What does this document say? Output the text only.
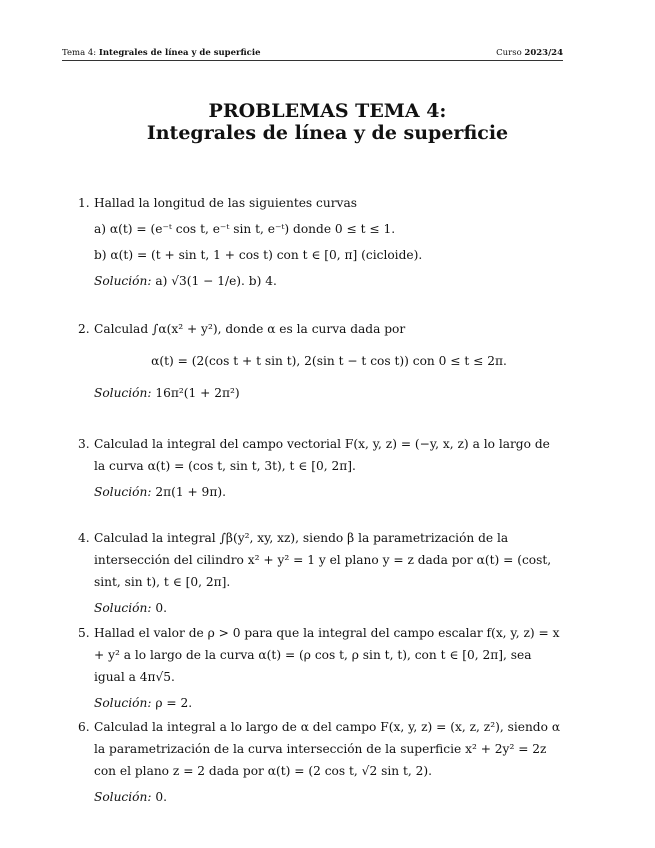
Tema 4: Integrales de línea y de superficie	Curso 2023/24
PROBLEMAS TEMA 4:
Integrales de línea y de superficie
1. Hallad la longitud de las siguientes curvas
a) α(t) = (e⁻ᵗ cos t, e⁻ᵗ sin t, e⁻ᵗ) donde 0 ≤ t ≤ 1.
b) α(t) = (t + sin t, 1 + cos t) con t ∈ [0, π] (cicloide).
Solución: a) √3(1 − 1/e). b) 4.
2. Calculad ∫α(x² + y²), donde α es la curva dada por
α(t) = (2(cos t + t sin t), 2(sin t − t cos t)) con 0 ≤ t ≤ 2π.
Solución: 16π²(1 + 2π²)
3. Calculad la integral del campo vectorial F(x, y, z) = (−y, x, z) a lo largo de la curva α(t) = (cos t, sin t, 3t), t ∈ [0, 2π].
Solución: 2π(1 + 9π).
4. Calculad la integral ∫β(y², xy, xz), siendo β la parametrización de la intersección del cilindro x² + y² = 1 y el plano y = z dada por α(t) = (cost, sint, sin t), t ∈ [0, 2π].
Solución: 0.
5. Hallad el valor de ρ > 0 para que la integral del campo escalar f(x, y, z) = x + y² a lo largo de la curva α(t) = (ρ cos t, ρ sin t, t), con t ∈ [0, 2π], sea igual a 4π√5.
Solución: ρ = 2.
6. Calculad la integral a lo largo de α del campo F(x, y, z) = (x, z, z²), siendo α la parametrización de la curva intersección de la superficie x² + 2y² = 2z con el plano z = 2 dada por α(t) = (2 cos t, √2 sin t, 2).
Solución: 0.
